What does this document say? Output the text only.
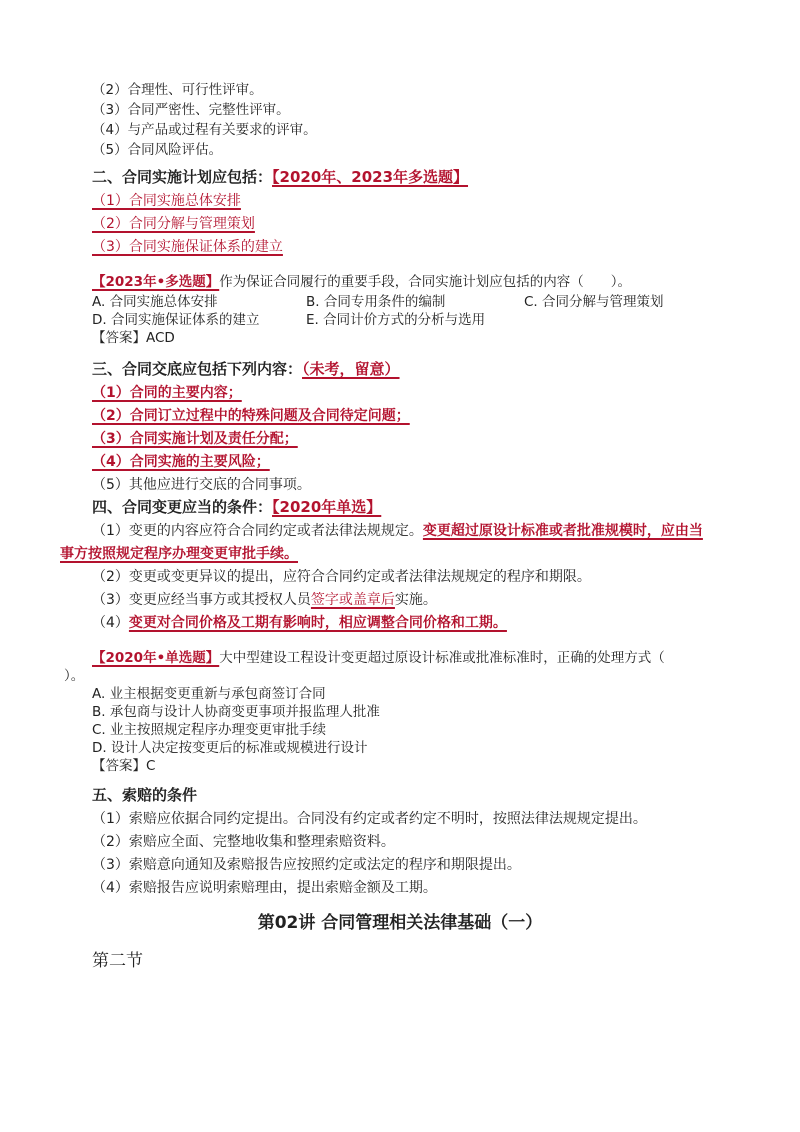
（2）合理性、可行性评审。
（3）合同严密性、完整性评审。
（4）与产品或过程有关要求的评审。
（5）合同风险评估。
二、合同实施计划应包括：【2020年、2023年多选题】
（1）合同实施总体安排
（2）合同分解与管理策划
（3）合同实施保证体系的建立
【2023年•多选题】作为保证合同履行的重要手段，合同实施计划应包括的内容（　　）。
A. 合同实施总体安排	B. 合同专用条件的编制	C. 合同分解与管理策划
D. 合同实施保证体系的建立	E. 合同计价方式的分析与选用
【答案】ACD
三、合同交底应包括下列内容：（未考，留意）
（1）合同的主要内容；
（2）合同订立过程中的特殊问题及合同待定问题；
（3）合同实施计划及责任分配；
（4）合同实施的主要风险；
（5）其他应进行交底的合同事项。
四、合同变更应当的条件：【2020年单选】
（1）变更的内容应符合合同约定或者法律法规规定。变更超过原设计标准或者批准规模时，应由当
事方按照规定程序办理变更审批手续。
（2）变更或变更异议的提出，应符合合同约定或者法律法规规定的程序和期限。
（3）变更应经当事方或其授权人员签字或盖章后实施。
（4）变更对合同价格及工期有影响时，相应调整合同价格和工期。
【2020年•单选题】大中型建设工程设计变更超过原设计标准或批准标准时，正确的处理方式（
）。
A. 业主根据变更重新与承包商签订合同
B. 承包商与设计人协商变更事项并报监理人批准
C. 业主按照规定程序办理变更审批手续
D. 设计人决定按变更后的标准或规模进行设计
【答案】C
五、索赔的条件
（1）索赔应依据合同约定提出。合同没有约定或者约定不明时，按照法律法规规定提出。
（2）索赔应全面、完整地收集和整理索赔资料。
（3）索赔意向通知及索赔报告应按照约定或法定的程序和期限提出。
（4）索赔报告应说明索赔理由，提出索赔金额及工期。
第02讲 合同管理相关法律基础（一）
第二节
